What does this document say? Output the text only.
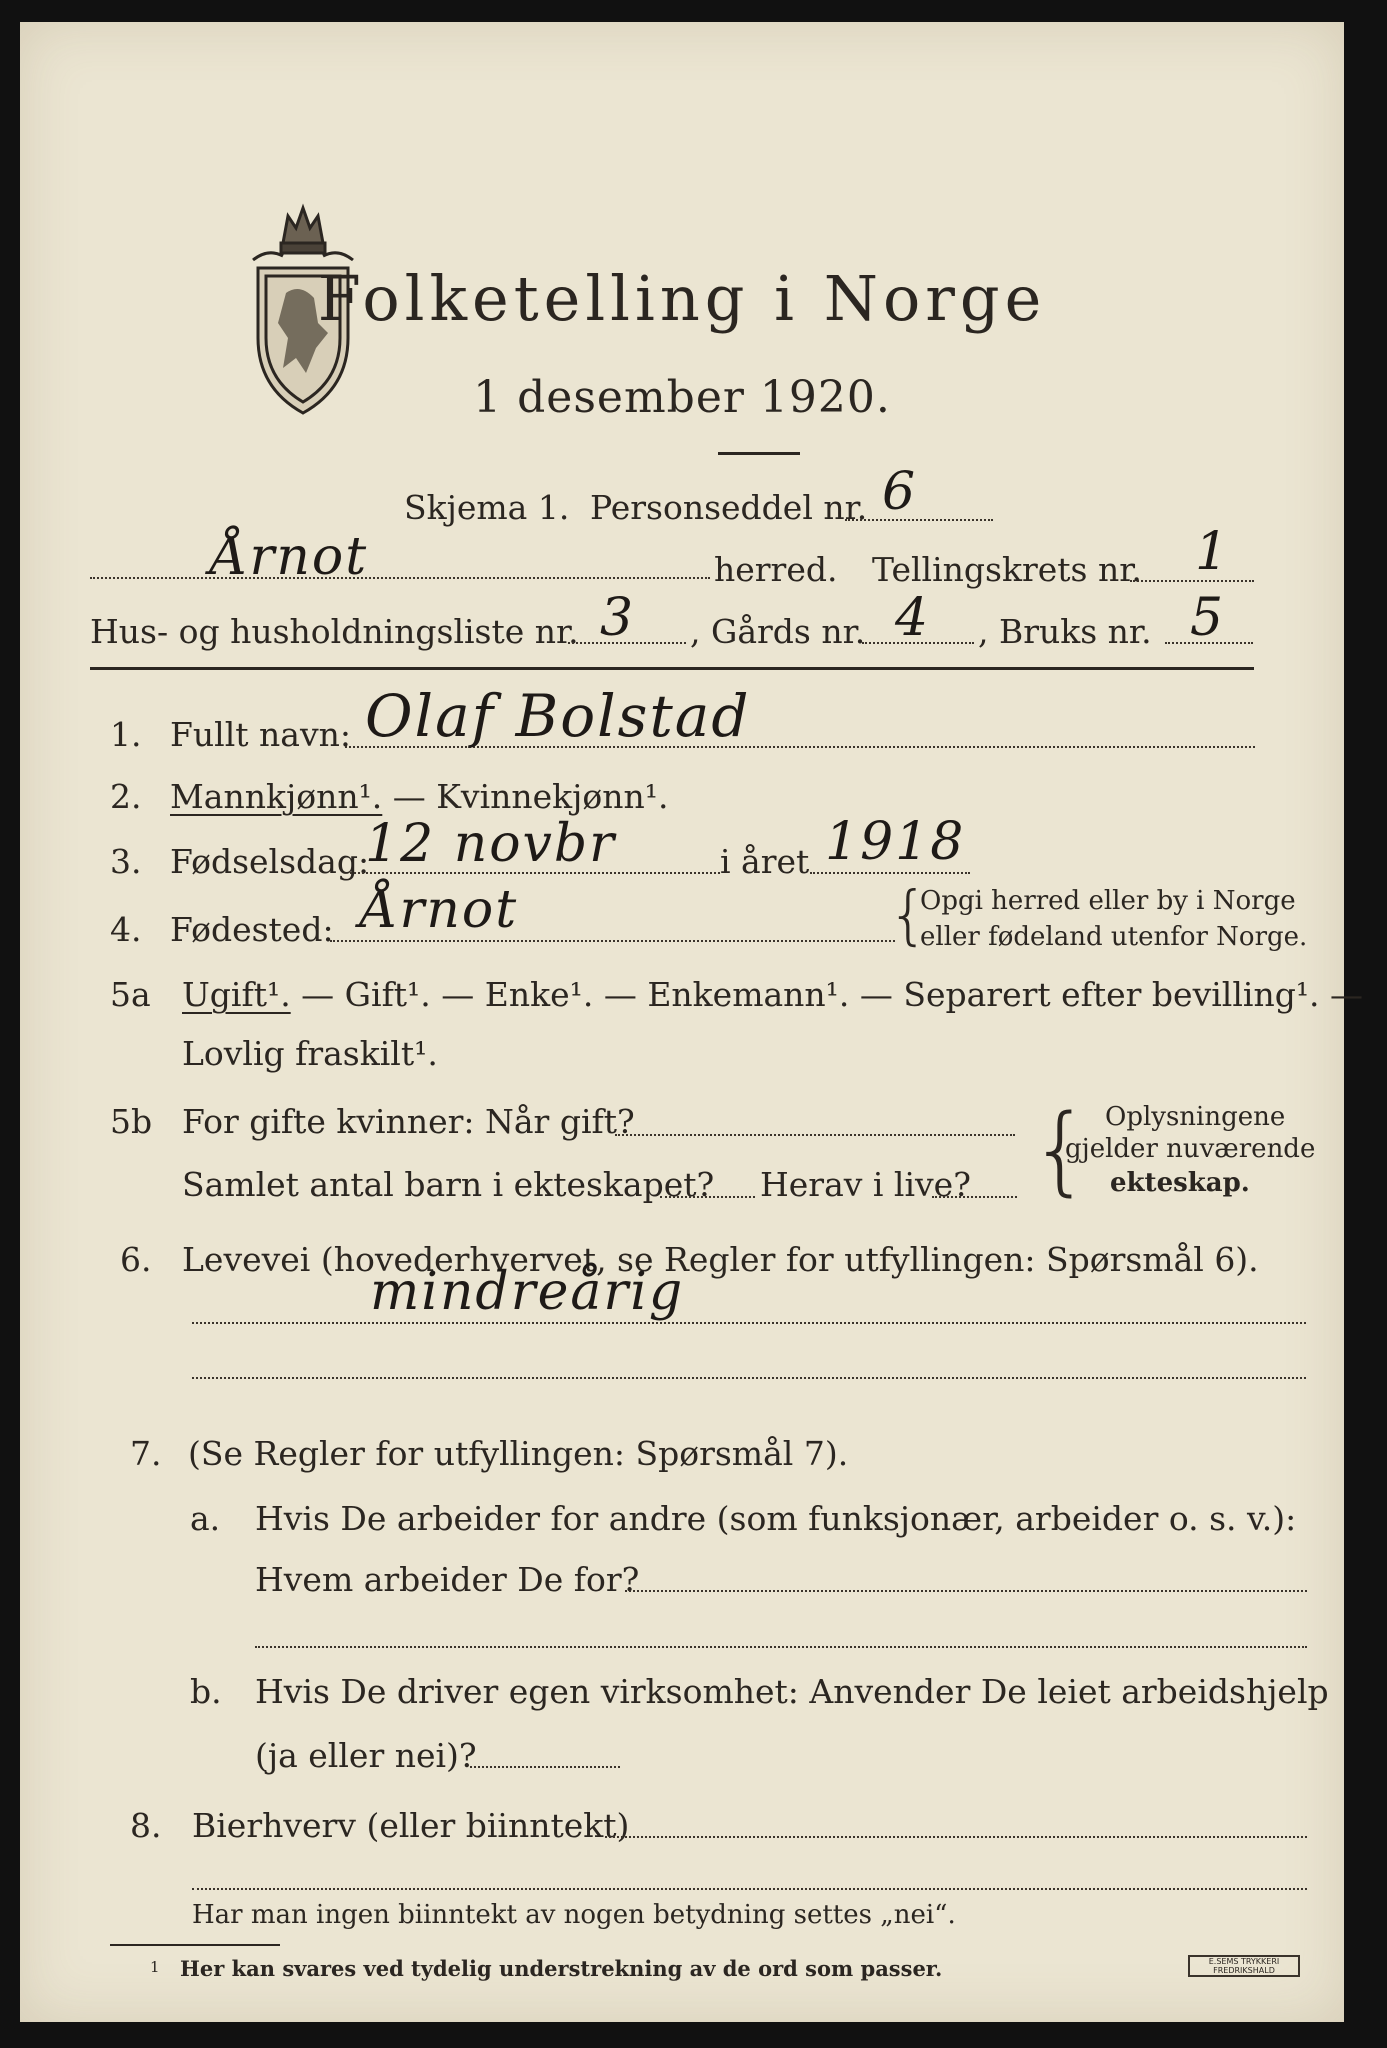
Folketelling i Norge
1 desember 1920.
Skjema 1. Personseddel nr. 6
Årnot	herred. Tellingskrets nr. 1
Hus- og husholdningsliste nr. 3 , Gårds nr. 4 , Bruks nr. 5
1. Fullt navn: Olaf Bolstad
2. Mannkjønn¹. — Kvinnekjønn¹.
3. Fødselsdag:
12 novbr	i året 1918
4. Fødested: Årnot	{
Opgi herred eller by i Norge
eller fødeland utenfor Norge.
5a Ugift¹. — Gift¹. — Enke¹. — Enkemann¹. — Separert efter bevilling¹. —
Lovlig fraskilt¹.
5b For gifte kvinner: Når gift?
Samlet antal barn i ekteskapet? Herav i live? { Oplysningene
gjelder nuværende
ekteskap.
6. Levevei (hovederhvervet, se Regler for utfyllingen: Spørsmål 6).
mindreårig
7. (Se Regler for utfyllingen: Spørsmål 7).
a. Hvis De arbeider for andre (som funksjonær, arbeider o. s. v.):
Hvem arbeider De for?
b. Hvis De driver egen virksomhet: Anvender De leiet arbeidshjelp
(ja eller nei)?
8. Bierhverv (eller biinntekt)
Har man ingen biinntekt av nogen betydning settes „nei“.
1 Her kan svares ved tydelig understrekning av de ord som passer.	E.SEMS TRYKKERI
FREDRIKSHALD
